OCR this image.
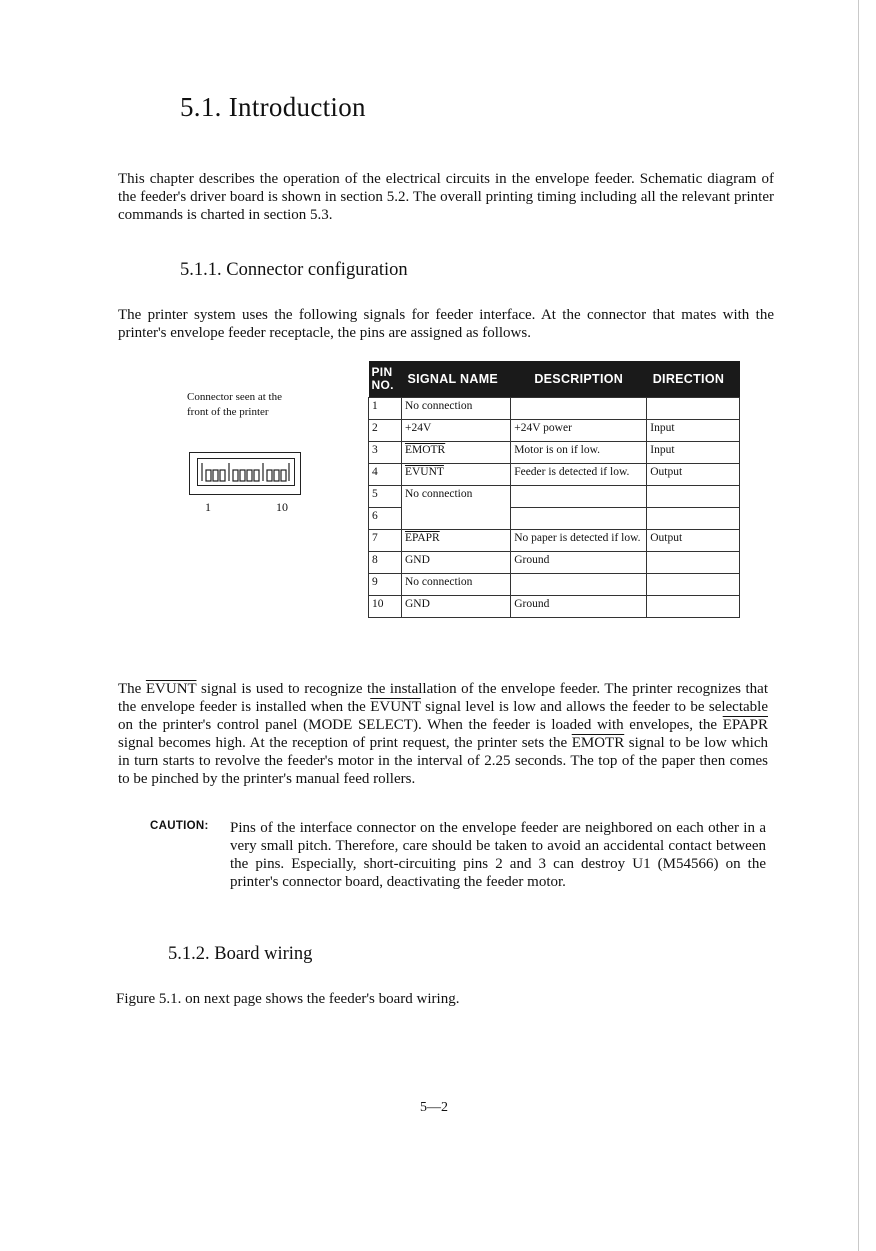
5.1. Introduction

This chapter describes the operation of the electrical circuits in the envelope feeder. Schematic diagram of the feeder's driver board is shown in section 5.2. The overall printing timing including all the relevant printer commands is charted in section 5.3.

5.1.1. Connector configuration

The printer system uses the following signals for feeder interface. At the connector that mates with the printer's envelope feeder receptacle, the pins are assigned as follows.

Connector seen at the
front of the printer
1	10
PIN
NO.	SIGNAL NAME	DESCRIPTION	DIRECTION
1	No connection		
2	+24V	+24V power	Input
3	EMOTR	Motor is on if low.	Input
4	EVUNT	Feeder is detected if low.	Output
5	No connection		
6			
7	EPAPR	No paper is detected if low.	Output
8	GND	Ground	
9	No connection		
10	GND	Ground	

The EVUNT signal is used to recognize the installation of the envelope feeder. The printer recognizes that the envelope feeder is installed when the EVUNT signal level is low and allows the feeder to be selectable on the printer's control panel (MODE SELECT). When the feeder is loaded with envelopes, the EPAPR signal becomes high. At the reception of print request, the printer sets the EMOTR signal to be low which in turn starts to revolve the feeder's motor in the interval of 2.25 seconds. The top of the paper then comes to be pinched by the printer's manual feed rollers.

CAUTION: Pins of the interface connector on the envelope feeder are neighbored on each other in a very small pitch. Therefore, care should be taken to avoid an accidental contact between the pins. Especially, short-circuiting pins 2 and 3 can destroy U1 (M54566) on the printer's connector board, deactivating the feeder motor.

5.1.2. Board wiring

Figure 5.1. on next page shows the feeder's board wiring.

5—2
